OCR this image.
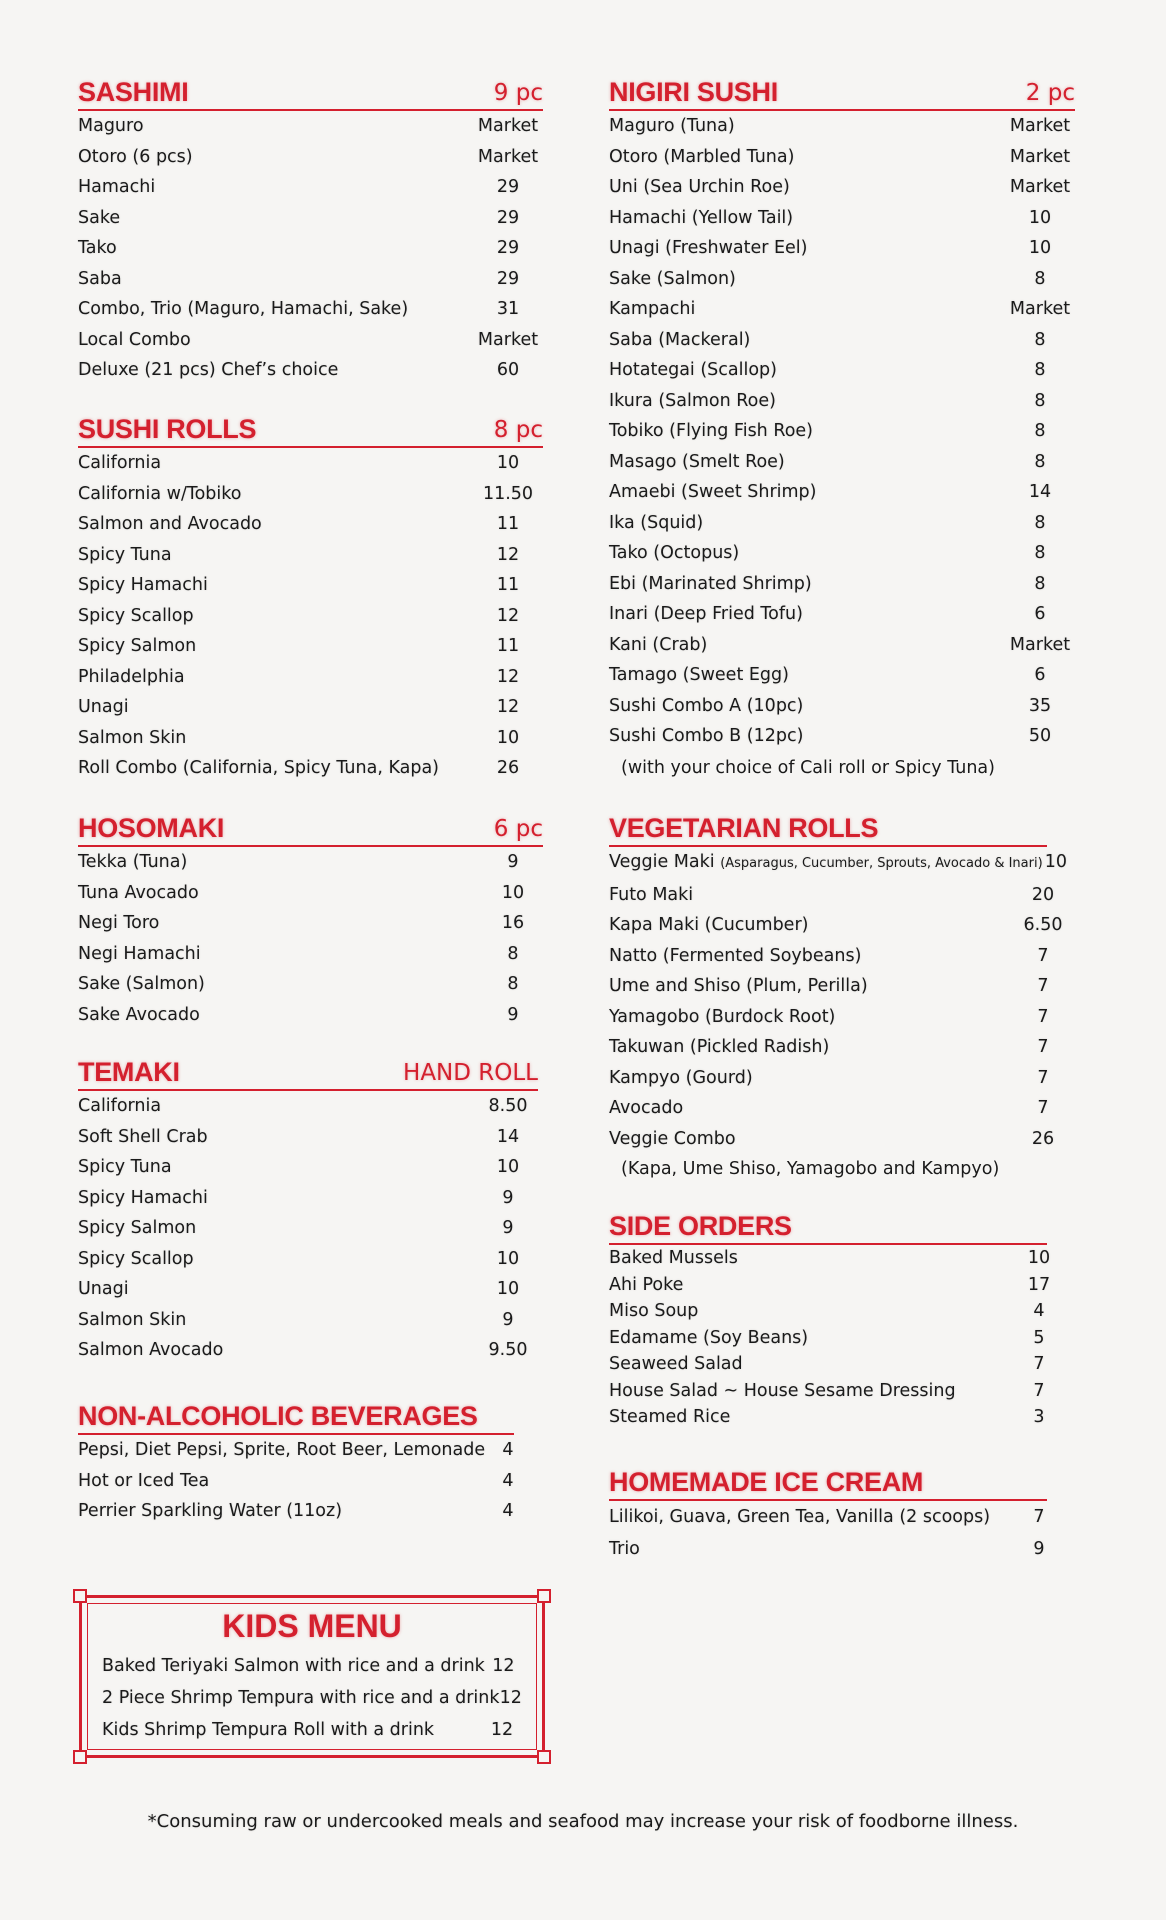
SASHIMI	9 pc
Maguro	Market
Otoro (6 pcs)	Market
Hamachi	29
Sake	29
Tako	29
Saba	29
Combo, Trio (Maguro, Hamachi, Sake)	31
Local Combo	Market
Deluxe (21 pcs) Chef’s choice	60
SUSHI ROLLS	8 pc
California	10
California w/Tobiko	11.50
Salmon and Avocado	11
Spicy Tuna	12
Spicy Hamachi	11
Spicy Scallop	12
Spicy Salmon	11
Philadelphia	12
Unagi	12
Salmon Skin	10
Roll Combo (California, Spicy Tuna, Kapa)	26
HOSOMAKI	6 pc
Tekka (Tuna)	9
Tuna Avocado	10
Negi Toro	16
Negi Hamachi	8
Sake (Salmon)	8
Sake Avocado	9
TEMAKI	HAND ROLL
California	8.50
Soft Shell Crab	14
Spicy Tuna	10
Spicy Hamachi	9
Spicy Salmon	9
Spicy Scallop	10
Unagi	10
Salmon Skin	9
Salmon Avocado	9.50
NON-ALCOHOLIC BEVERAGES
Pepsi, Diet Pepsi, Sprite, Root Beer, Lemonade 4
Hot or Iced Tea	4
Perrier Sparkling Water (11oz)	4
NIGIRI SUSHI	2 pc
Maguro (Tuna)	Market
Otoro (Marbled Tuna)	Market
Uni (Sea Urchin Roe)	Market
Hamachi (Yellow Tail)	10
Unagi (Freshwater Eel)	10
Sake (Salmon)	8
Kampachi	Market
Saba (Mackeral)	8
Hotategai (Scallop)	8
Ikura (Salmon Roe)	8
Tobiko (Flying Fish Roe)	8
Masago (Smelt Roe)	8
Amaebi (Sweet Shrimp)	14
Ika (Squid)	8
Tako (Octopus)	8
Ebi (Marinated Shrimp)	8
Inari (Deep Fried Tofu)	6
Kani (Crab)	Market
Tamago (Sweet Egg)	6
Sushi Combo A (10pc)	35
Sushi Combo B (12pc)	50
(with your choice of Cali roll or Spicy Tuna)
VEGETARIAN ROLLS
Veggie Maki (Asparagus, Cucumber, Sprouts, Avocado & Inari) 10
Futo Maki	20
Kapa Maki (Cucumber)	6.50
Natto (Fermented Soybeans)	7
Ume and Shiso (Plum, Perilla)	7
Yamagobo (Burdock Root)	7
Takuwan (Pickled Radish)	7
Kampyo (Gourd)	7
Avocado	7
Veggie Combo	26
(Kapa, Ume Shiso, Yamagobo and Kampyo)
SIDE ORDERS
Baked Mussels	10
Ahi Poke	17
Miso Soup	4
Edamame (Soy Beans)	5
Seaweed Salad	7
House Salad ~ House Sesame Dressing	7
Steamed Rice	3
HOMEMADE ICE CREAM
Lilikoi, Guava, Green Tea, Vanilla (2 scoops)	7
Trio	9
KIDS MENU
Baked Teriyaki Salmon with rice and a drink 12
2 Piece Shrimp Tempura with rice and a drink 12
Kids Shrimp Tempura Roll with a drink	12
*Consuming raw or undercooked meals and seafood may increase your risk of foodborne illness.
